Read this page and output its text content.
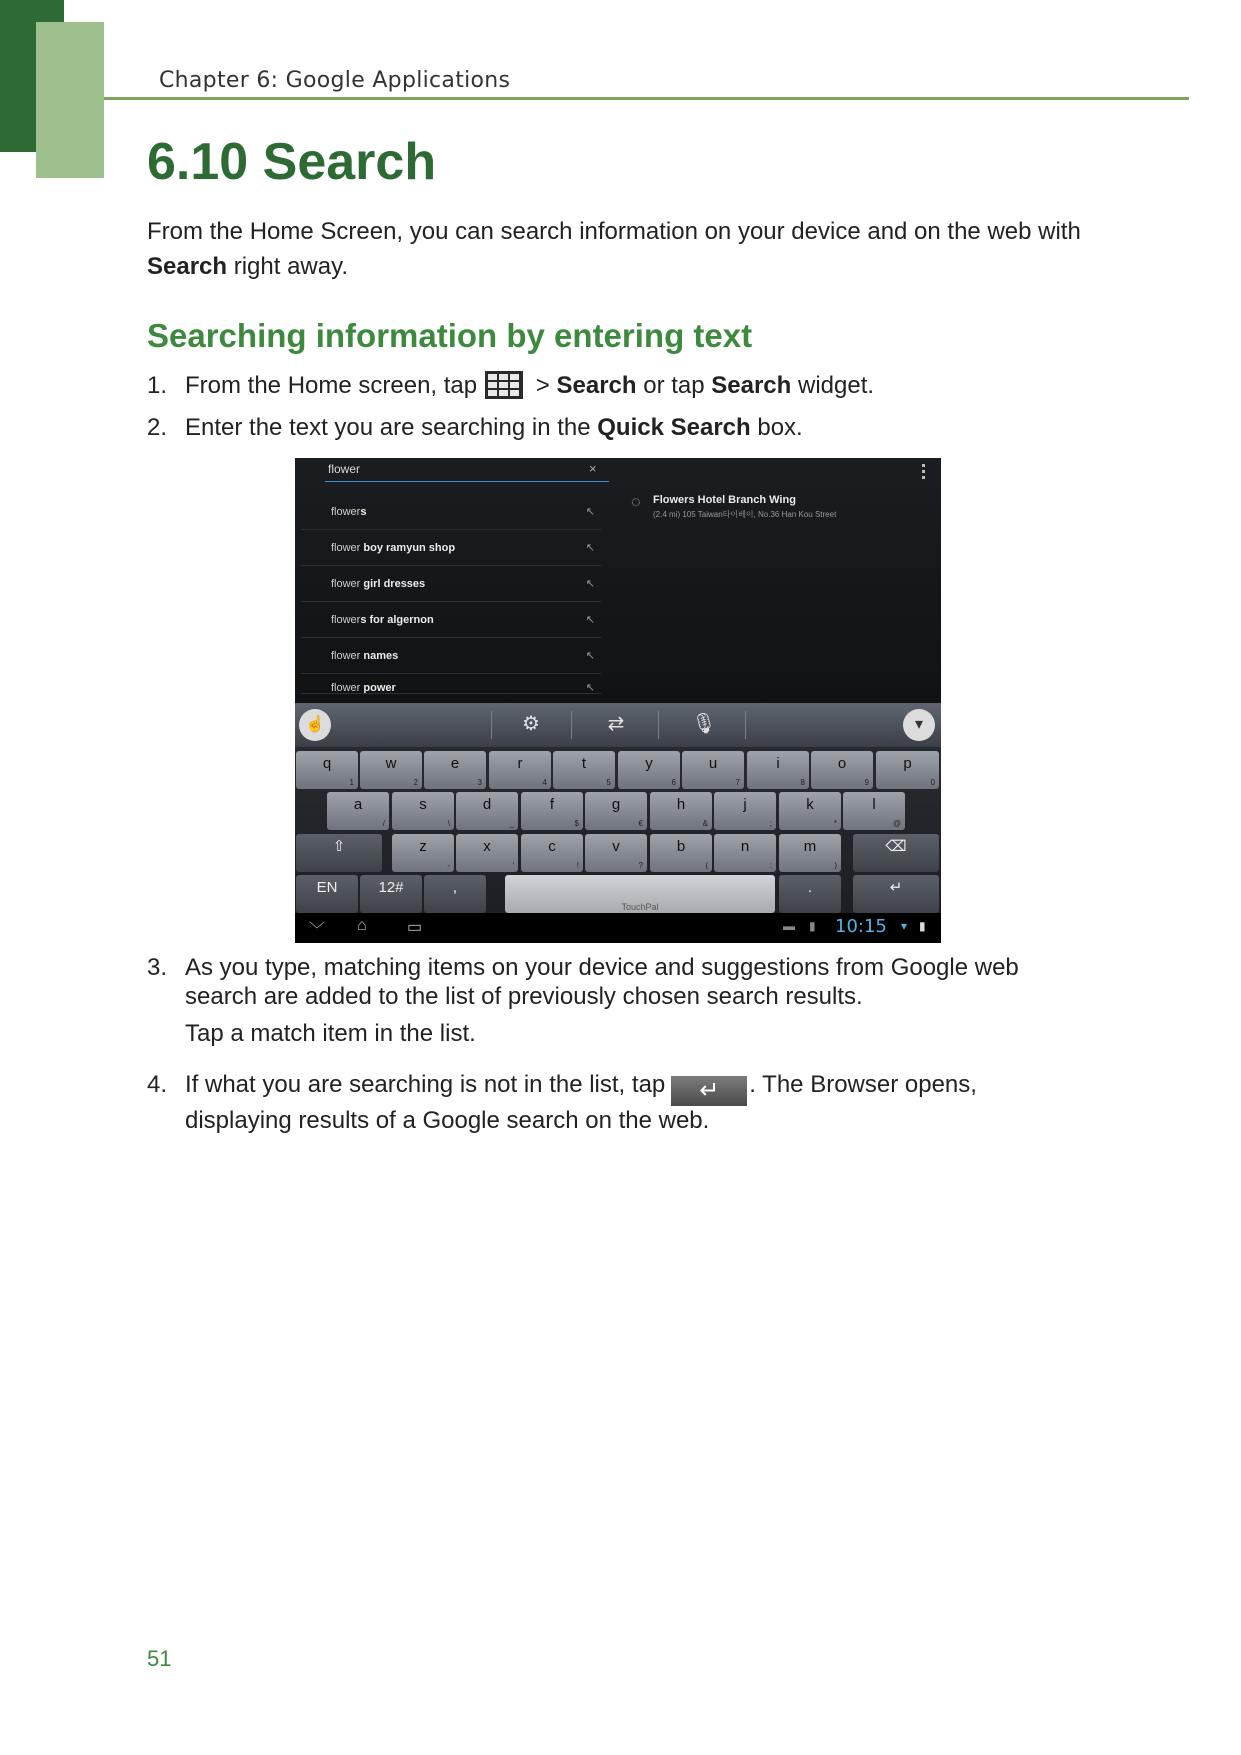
Chapter 6: Google Applications
6.10 Search

From the Home Screen, you can search information on your device and on the web with Search right away.

Searching information by entering text
1. From the Home screen, tap
> Search or tap Search widget.
2. Enter the text you are searching in the Quick Search box.
flower	×
flowers	↖
flower boy ramyun shop	↖
flower girl dresses	↖
flowers for algernon	↖
flower names	↖
flower power	↖
◌ Flowers Hotel Branch Wing
(2.4 mi) 105 Taiwan타이베이, No.36 Han Kou Street
☝	⚙	⇄	🎙	▾
q
1
w
2
e
3
r
4
t
5
y
6
u
7
i
8
o
9
p
0
a
/
s
\
d
_
f
$
g
€
h
&
j
;
k
*
l
@
⇧	z
-
x
'
c
!
v
?
b
(
n
:
m
)
⌫
EN	12#	,
TouchPal
.	↵
﹀ ⌂	▭	▬ ▮ 10:15 ▾ ▮
3. As you type, matching items on your device and suggestions from Google web search are added to the list of previously chosen search results.
Tap a match item in the list.
4. If what you are searching is not in the list, tap ↵ . The Browser opens, displaying results of a Google search on the web.
51
